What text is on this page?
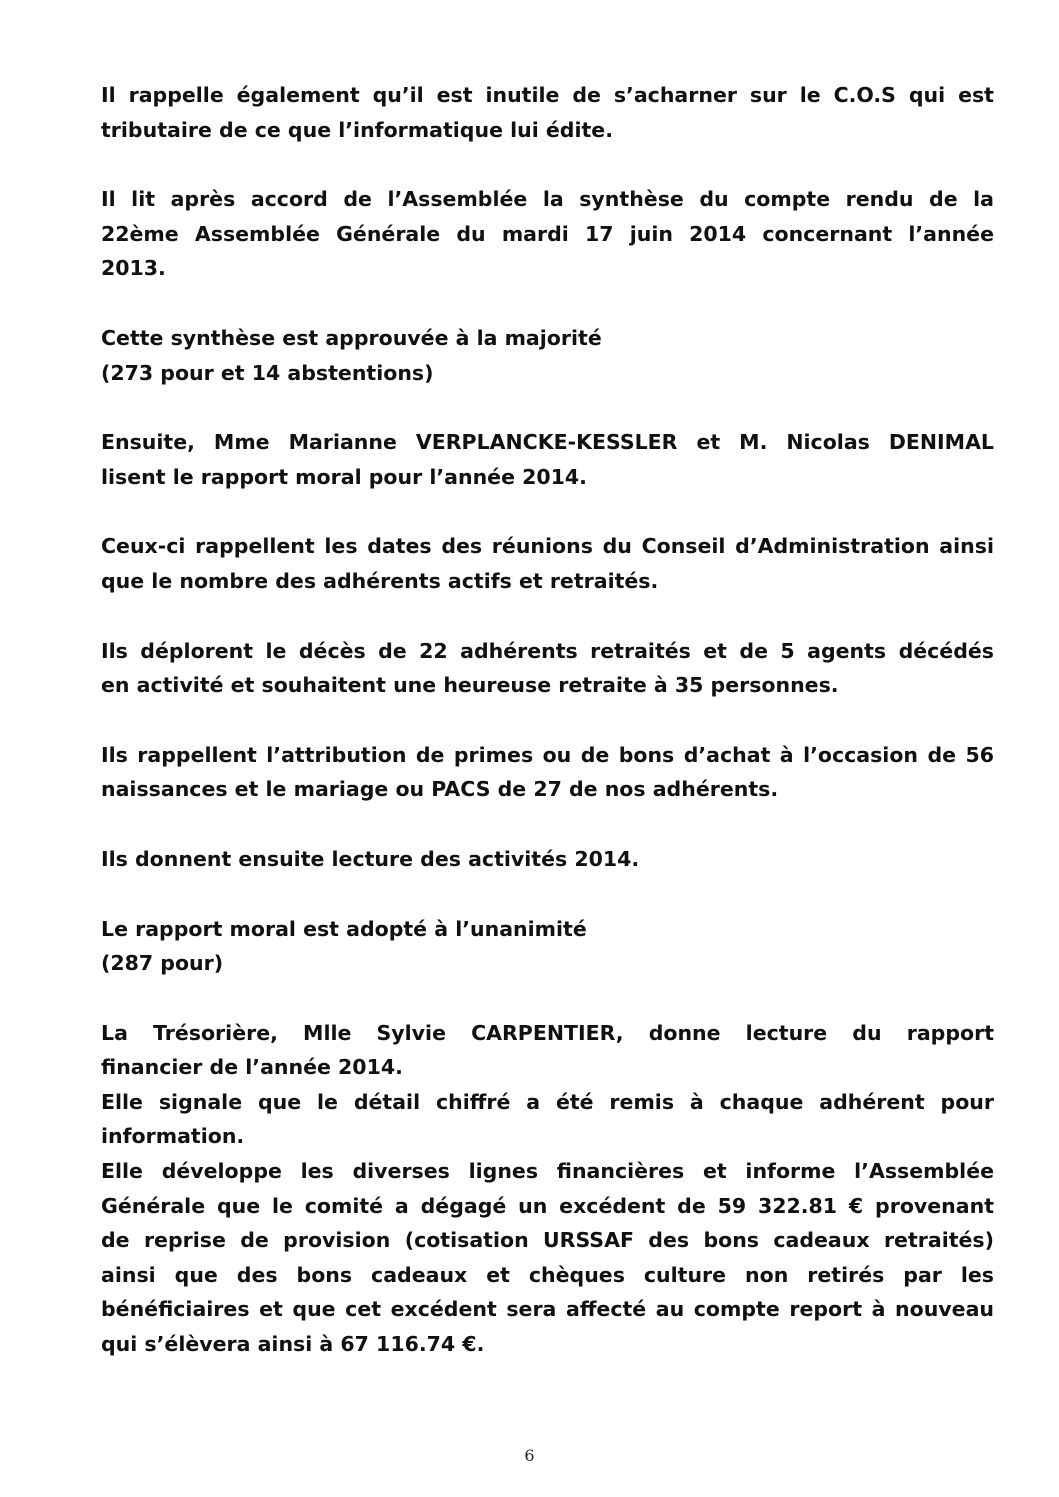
Il rappelle également qu’il est inutile de s’acharner sur le C.O.S qui est
tributaire de ce que l’informatique lui édite.
Il lit après accord de l’Assemblée la synthèse du compte rendu de la
22ème Assemblée Générale du mardi 17 juin 2014 concernant l’année
2013.
Cette synthèse est approuvée à la majorité
(273 pour et 14 abstentions)
Ensuite, Mme Marianne VERPLANCKE-KESSLER et M. Nicolas DENIMAL
lisent le rapport moral pour l’année 2014.
Ceux-ci rappellent les dates des réunions du Conseil d’Administration ainsi
que le nombre des adhérents actifs et retraités.
Ils déplorent le décès de 22 adhérents retraités et de 5 agents décédés
en activité et souhaitent une heureuse retraite à 35 personnes.
Ils rappellent l’attribution de primes ou de bons d’achat à l’occasion de 56
naissances et le mariage ou PACS de 27 de nos adhérents.
Ils donnent ensuite lecture des activités 2014.
Le rapport moral est adopté à l’unanimité
(287 pour)
La Trésorière, Mlle Sylvie CARPENTIER, donne lecture du rapport
financier de l’année 2014.
Elle signale que le détail chiffré a été remis à chaque adhérent pour
information.
Elle développe les diverses lignes financières et informe l’Assemblée
Générale que le comité a dégagé un excédent de 59 322.81 € provenant
de reprise de provision (cotisation URSSAF des bons cadeaux retraités)
ainsi que des bons cadeaux et chèques culture non retirés par les
bénéficiaires et que cet excédent sera affecté au compte report à nouveau
qui s’élèvera ainsi à 67 116.74 €.
6
